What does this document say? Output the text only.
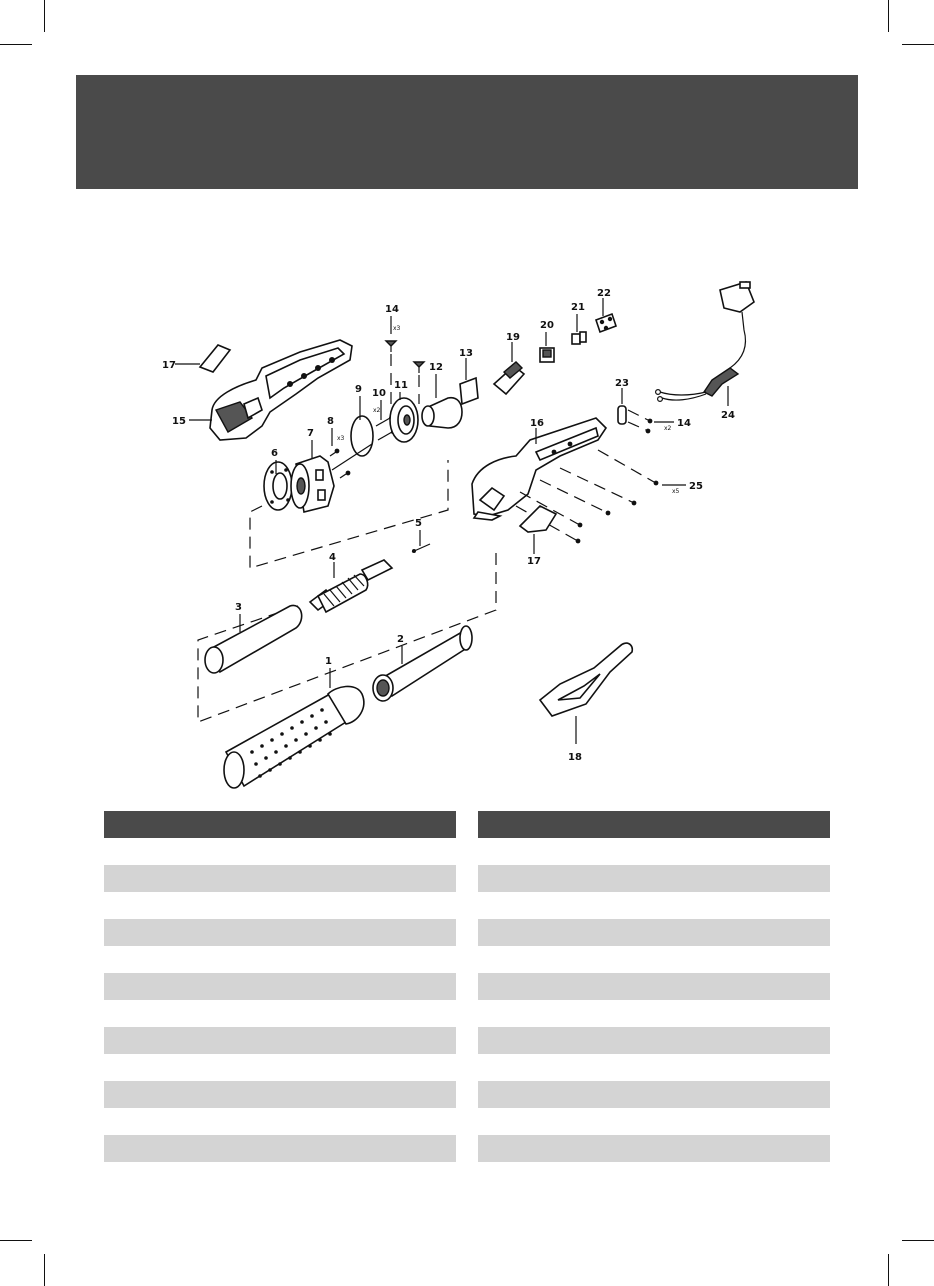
17
15
6
7
8
x3
9 10
x2
11
14
x3
12
13
19
20
21
22
24
23
14
x2
16
25
x5
17
5
4
3
2
1
18
